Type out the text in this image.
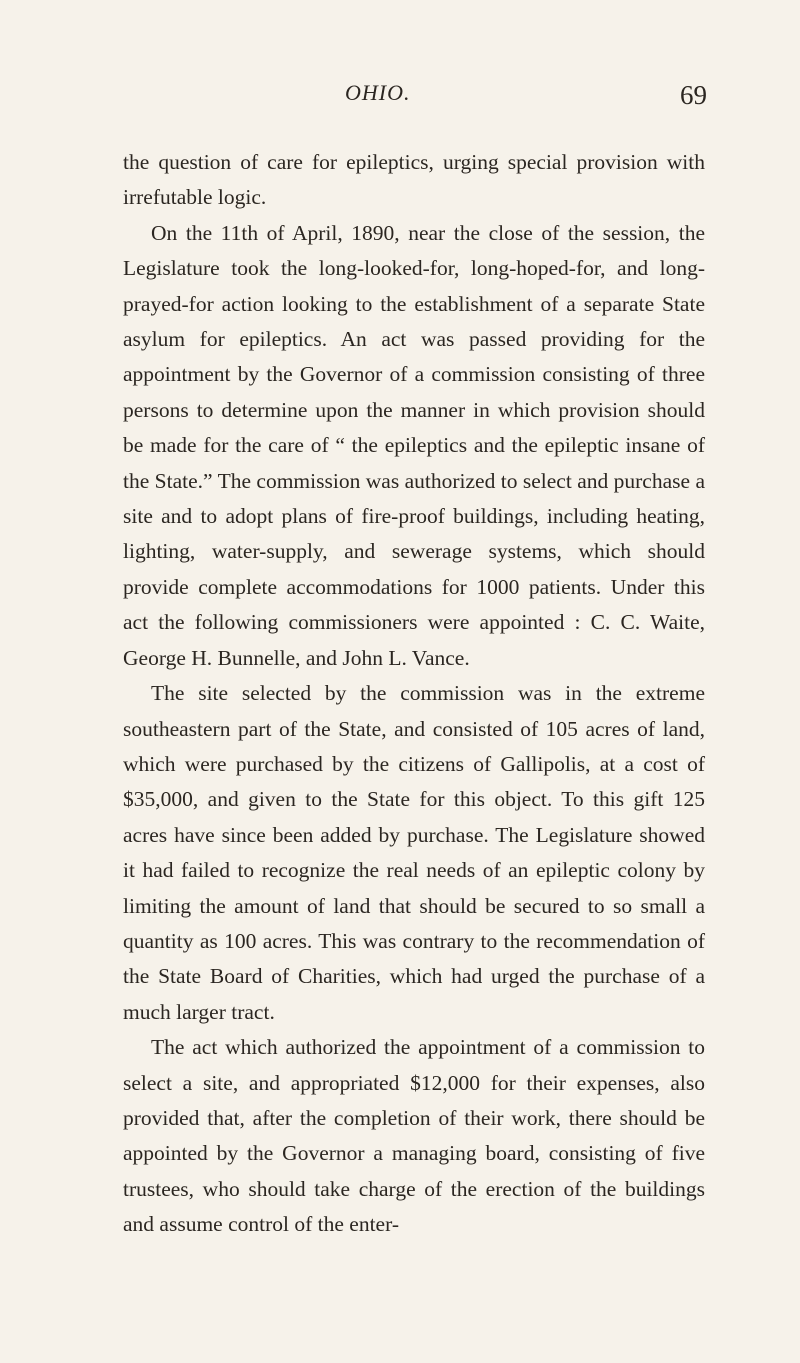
OHIO.	69

the question of care for epileptics, urging special provision with irrefutable logic.

On the 11th of April, 1890, near the close of the session, the Legislature took the long-looked-for, long-hoped-for, and long-prayed-for action looking to the establishment of a separate State asylum for epileptics. An act was passed providing for the appointment by the Governor of a commission consisting of three persons to determine upon the manner in which provision should be made for the care of “ the epileptics and the epileptic insane of the State.” The commission was authorized to select and purchase a site and to adopt plans of fire-proof buildings, including heating, lighting, water-supply, and sewerage systems, which should provide complete accommodations for 1000 patients. Under this act the following commissioners were appointed : C. C. Waite, George H. Bunnelle, and John L. Vance.

The site selected by the commission was in the extreme southeastern part of the State, and consisted of 105 acres of land, which were purchased by the citizens of Gallipolis, at a cost of $35,000, and given to the State for this object. To this gift 125 acres have since been added by purchase. The Legislature showed it had failed to recognize the real needs of an epileptic colony by limiting the amount of land that should be secured to so small a quantity as 100 acres. This was contrary to the recommendation of the State Board of Charities, which had urged the purchase of a much larger tract.

The act which authorized the appointment of a commission to select a site, and appropriated $12,000 for their expenses, also provided that, after the completion of their work, there should be appointed by the Governor a managing board, consisting of five trustees, who should take charge of the erection of the buildings and assume control of the enter-
